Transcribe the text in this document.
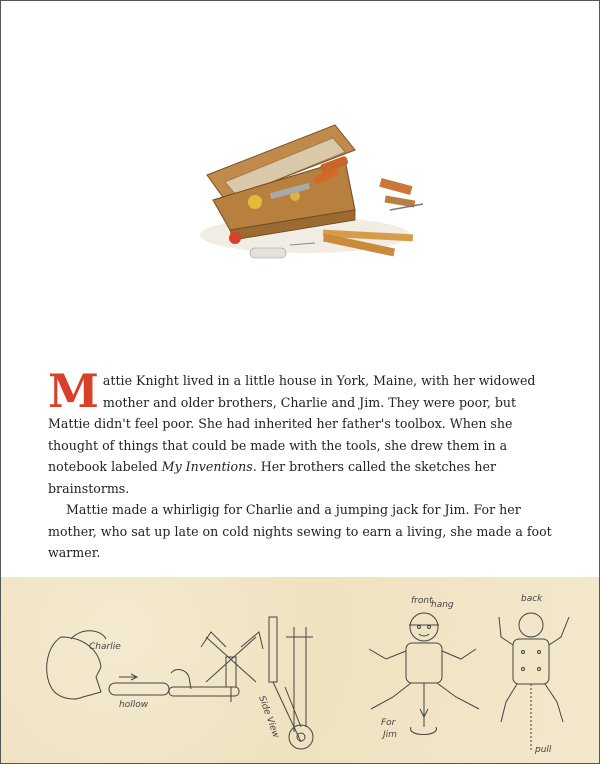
Mattie Knight lived in a little house in York, Maine, with her widowed mother and older brothers, Charlie and Jim. They were poor, but Mattie didn't feel poor. She had inherited her father's toolbox. When she thought of things that could be made with the tools, she drew them in a notebook labeled My Inventions. Her brothers called the sketches her brainstorms.

Mattie made a whirligig for Charlie and a jumping jack for Jim. For her mother, who sat up late on cold nights sewing to earn a living, she made a foot warmer.

Charlie
hollow	Side View
front
hang
For
Jim
back
pull
